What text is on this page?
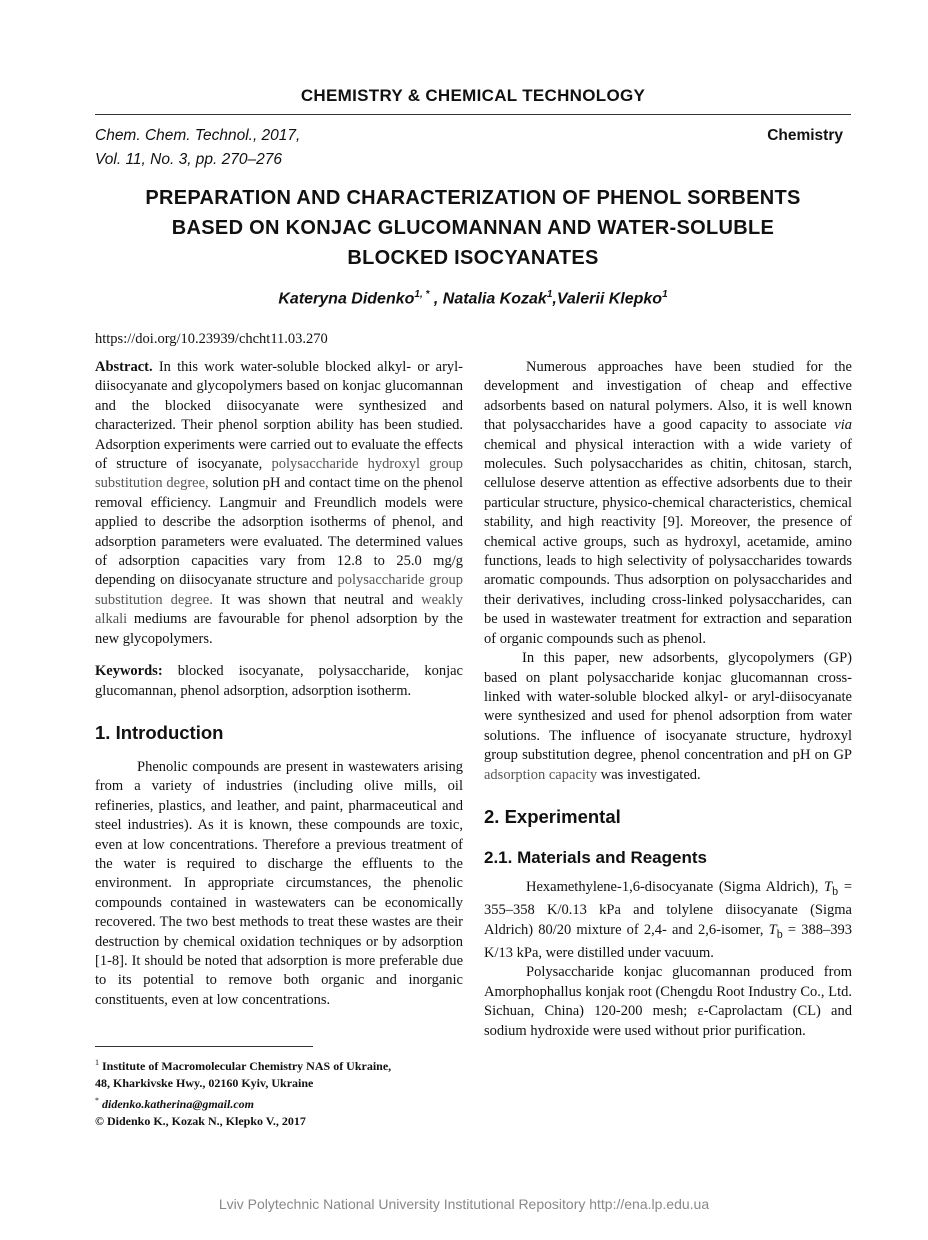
CHEMISTRY & CHEMICAL TECHNOLOGY
Chem. Chem. Technol., 2017,
Vol. 11, No. 3, pp. 270–276
Chemistry
PREPARATION AND CHARACTERIZATION OF PHENOL SORBENTS
BASED ON KONJAC GLUCOMANNAN AND WATER-SOLUBLE
BLOCKED ISOCYANATES
Kateryna Didenko$^{1, *}$ , Natalia Kozak$^1$,Valerii Klepko$^1$
https://doi.org/10.23939/chcht11.03.270

Abstract. In this work water-soluble blocked alkyl- or aryl-diisocyanate and glycopolymers based on konjac glucomannan and the blocked diisocyanate were synthesized and characterized. Their phenol sorption ability has been studied. Adsorption experiments were carried out to evaluate the effects of structure of isocyanate, polysaccharide hydroxyl group substitution degree, solution pH and contact time on the phenol removal efficiency. Langmuir and Freundlich models were applied to describe the adsorption isotherms of phenol, and adsorption parameters were evaluated. The determined values of adsorption capacities vary from 12.8 to 25.0 mg/g depending on diisocyanate structure and polysaccharide group substitution degree. It was shown that neutral and weakly alkali mediums are favourable for phenol adsorption by the new glycopolymers.

Keywords: blocked isocyanate, polysaccharide, konjac glucomannan, phenol adsorption, adsorption isotherm.

1. Introduction

Phenolic compounds are present in wastewaters arising from a variety of industries (including olive mills, oil refineries, plastics, and leather, and paint, pharmaceutical and steel industries). As it is known, these compounds are toxic, even at low concentrations. Therefore a previous treatment of the water is required to discharge the effluents to the environment. In appropriate circumstances, the phenolic compounds contained in wastewaters can be economically recovered. The two best methods to treat these wastes are their destruction by chemical oxidation techniques or by adsorption [1-8]. It should be noted that adsorption is more preferable due to its potential to remove both organic and inorganic constituents, even at low concentrations.

Numerous approaches have been studied for the development and investigation of cheap and effective adsorbents based on natural polymers. Also, it is well known that polysaccharides have a good capacity to associate via chemical and physical interaction with a wide variety of molecules. Such polysaccharides as chitin, chitosan, starch, cellulose deserve attention as effective adsorbents due to their particular structure, physico-chemical characteristics, chemical stability, and high reactivity [9]. Moreover, the presence of chemical active groups, such as hydroxyl, acetamide, amino functions, leads to high selectivity of polysaccharides towards aromatic compounds. Thus adsorption on polysaccharides and their derivatives, including cross-linked polysaccharides, can be used in wastewater treatment for extraction and separation of organic compounds such as phenol.

In this paper, new adsorbents, glycopolymers (GP) based on plant polysaccharide konjac glucomannan cross-linked with water-soluble blocked alkyl- or aryl-diisocyanate were synthesized and used for phenol adsorption from water solutions. The influence of isocyanate structure, hydroxyl group substitution degree, phenol concentration and pH on GP adsorption capacity was investigated.

2. Experimental

2.1. Materials and Reagents

Hexamethylene-1,6-disocyanate (Sigma Aldrich), $T_b = 355-358$ K/0.13 kPa and tolylene diisocyanate (Sigma Aldrich) 80/20 mixture of 2,4- and 2,6-isomer, $T_b = 388-393$ K/13 kPa, were distilled under vacuum.

Polysaccharide konjac glucomannan produced from Amorphophallus konjak root (Chengdu Root Industry Co., Ltd. Sichuan, China) 120-200 mesh; ε-Caprolactam (CL) and sodium hydroxide were used without prior purification.

$^1$ Institute of Macromolecular Chemistry NAS of Ukraine,
48, Kharkivske Hwy., 02160 Kyiv, Ukraine
* didenko.katherina@gmail.com
© Didenko K., Kozak N., Klepko V., 2017
Lviv Polytechnic National University Institutional Repository http://ena.lp.edu.ua
